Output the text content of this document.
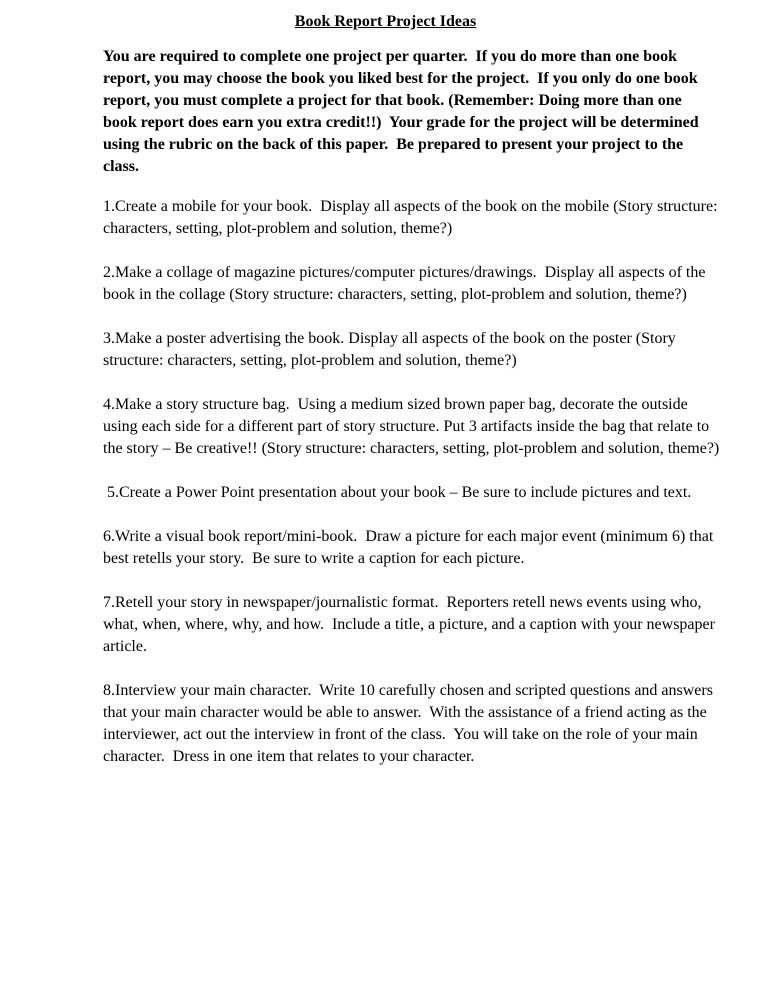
Book Report Project Ideas
You are required to complete one project per quarter.  If you do more than one book
report, you may choose the book you liked best for the project.  If you only do one book
report, you must complete a project for that book. (Remember: Doing more than one
book report does earn you extra credit!!)  Your grade for the project will be determined
using the rubric on the back of this paper.  Be prepared to present your project to the
class.
1.Create a mobile for your book.  Display all aspects of the book on the mobile (Story structure:
characters, setting, plot-problem and solution, theme?)
2.Make a collage of magazine pictures/computer pictures/drawings.  Display all aspects of the
book in the collage (Story structure: characters, setting, plot-problem and solution, theme?)
3.Make a poster advertising the book. Display all aspects of the book on the poster (Story
structure: characters, setting, plot-problem and solution, theme?)
4.Make a story structure bag.  Using a medium sized brown paper bag, decorate the outside
using each side for a different part of story structure. Put 3 artifacts inside the bag that relate to
the story – Be creative!! (Story structure: characters, setting, plot-problem and solution, theme?)
5.Create a Power Point presentation about your book – Be sure to include pictures and text.
6.Write a visual book report/mini-book.  Draw a picture for each major event (minimum 6) that
best retells your story.  Be sure to write a caption for each picture.
7.Retell your story in newspaper/journalistic format.  Reporters retell news events using who,
what, when, where, why, and how.  Include a title, a picture, and a caption with your newspaper
article.
8.Interview your main character.  Write 10 carefully chosen and scripted questions and answers
that your main character would be able to answer.  With the assistance of a friend acting as the
interviewer, act out the interview in front of the class.  You will take on the role of your main
character.  Dress in one item that relates to your character.
